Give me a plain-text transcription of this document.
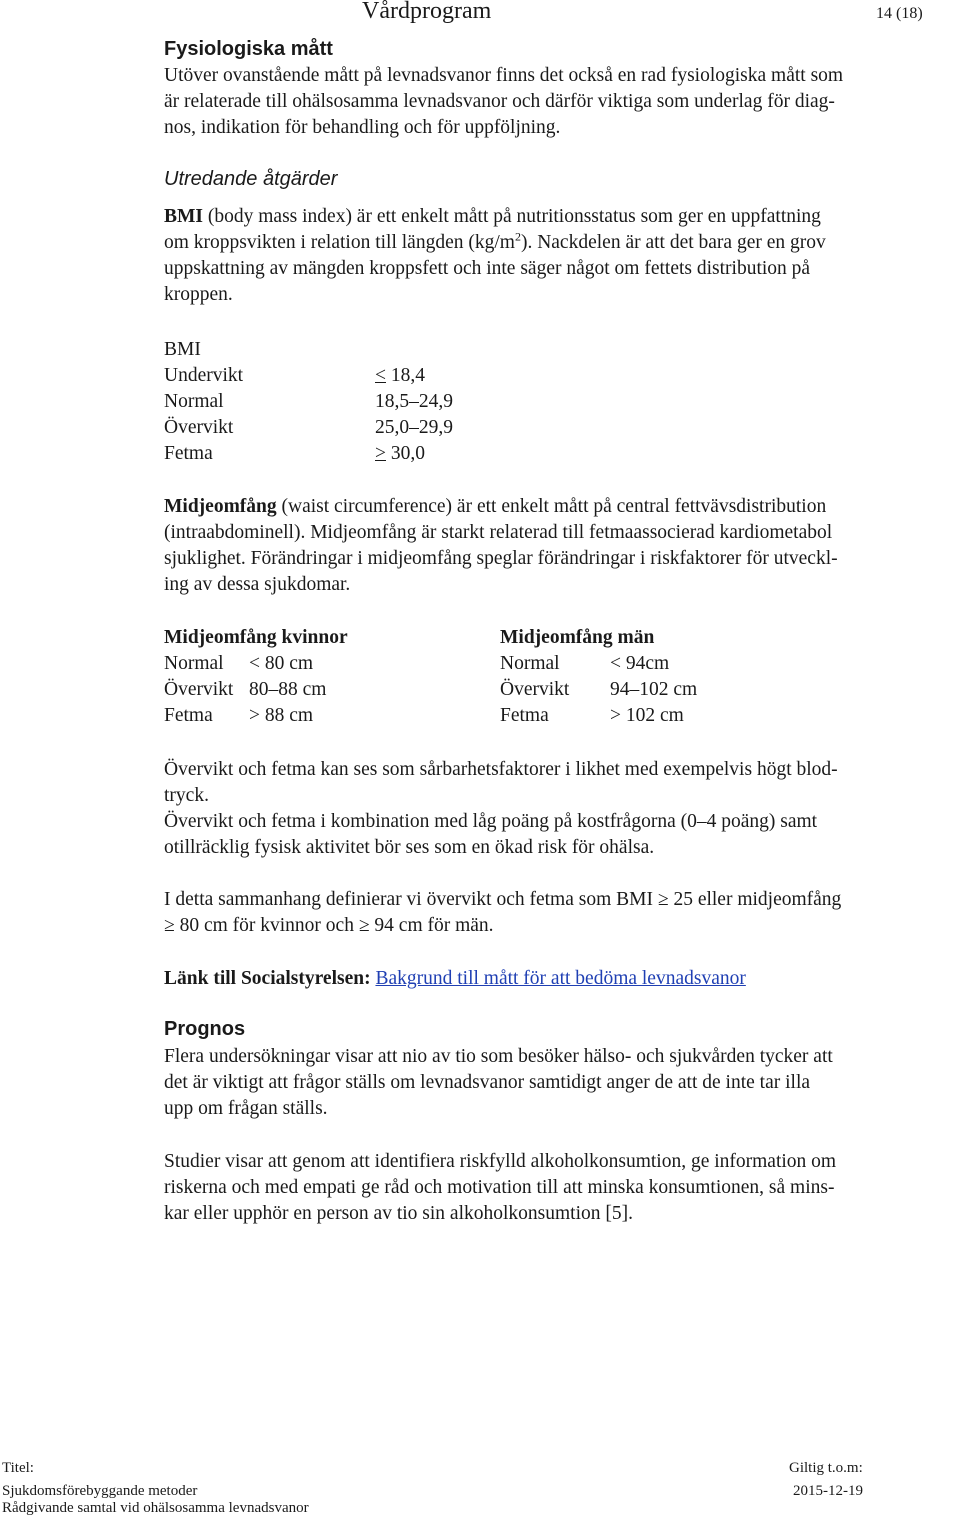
Vårdprogram	14 (18)
Fysiologiska mått

Utöver ovanstående mått på levnadsvanor finns det också en rad fysiologiska mått som

är relaterade till ohälsosamma levnadsvanor och därför viktiga som underlag för diag-

nos, indikation för behandling och för uppföljning.

Utredande åtgärder

BMI (body mass index) är ett enkelt mått på nutritionsstatus som ger en uppfattning

om kroppsvikten i relation till längden $(kg/m^2)$. Nackdelen är att det bara ger en grov

uppskattning av mängden kroppsfett och inte säger något om fettets distribution på

kroppen.

BMI
Undervikt	< 18,4
Normal	18,5–24,9
Övervikt	25,0–29,9
Fetma	> 30,0

Midjeomfång (waist circumference) är ett enkelt mått på central fettvävsdistribution

(intraabdominell). Midjeomfång är starkt relaterad till fetmaassocierad kardiometabol

sjuklighet. Förändringar i midjeomfång speglar förändringar i riskfaktorer för utveckl-

ing av dessa sjukdomar.

Midjeomfång kvinnor
Normal < 80 cm
Övervikt 80–88 cm
Fetma > 88 cm
Midjeomfång män
Normal	< 94cm
Övervikt 94–102 cm
Fetma	> 102 cm

Övervikt och fetma kan ses som sårbarhetsfaktorer i likhet med exempelvis högt blod-

tryck.

Övervikt och fetma i kombination med låg poäng på kostfrågorna (0–4 poäng) samt

otillräcklig fysisk aktivitet bör ses som en ökad risk för ohälsa.

I detta sammanhang definierar vi övervikt och fetma som BMI ≥ 25 eller midjeomfång

≥ 80 cm för kvinnor och ≥ 94 cm för män.

Länk till Socialstyrelsen: Bakgrund till mått för att bedöma levnadsvanor

Prognos

Flera undersökningar visar att nio av tio som besöker hälso- och sjukvården tycker att

det är viktigt att frågor ställs om levnadsvanor samtidigt anger de att de inte tar illa

upp om frågan ställs.

Studier visar att genom att identifiera riskfylld alkoholkonsumtion, ge information om

riskerna och med empati ge råd och motivation till att minska konsumtionen, så mins-

kar eller upphör en person av tio sin alkoholkonsumtion [5].

Titel:
Sjukdomsförebyggande metoder
Rådgivande samtal vid ohälsosamma levnadsvanor
Giltig t.o.m:
2015-12-19
